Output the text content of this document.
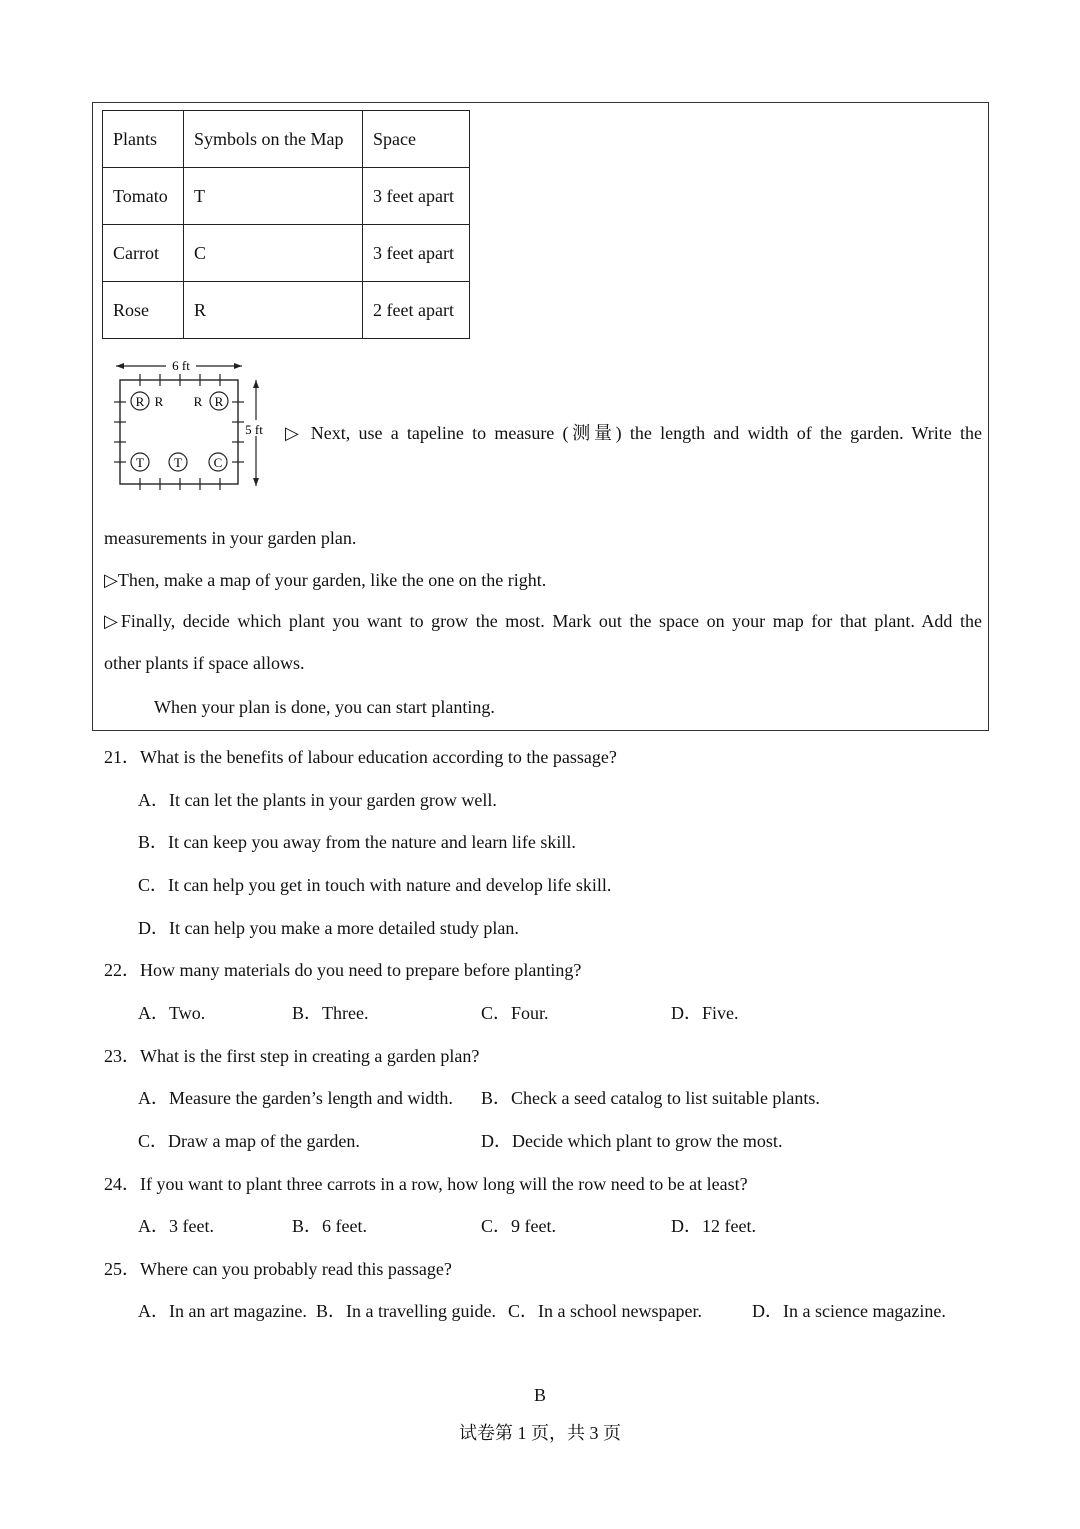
Plants	Symbols on the Map	Space
Tomato	T	3 feet apart
Carrot	C	3 feet apart
Rose	R	2 feet apart
6 ft
5 ft
R R R R
T T C
▷ Next, use a tapeline to measure (测量) the length and width of the garden. Write the
measurements in your garden plan.
▷Then, make a map of your garden, like the one on the right.
▷Finally, decide which plant you want to grow the most. Mark out the space on your map for that plant. Add the
other plants if space allows.
When your plan is done, you can start planting.
21．What is the benefits of labour education according to the passage?
A．It can let the plants in your garden grow well.
B．It can keep you away from the nature and learn life skill.
C．It can help you get in touch with nature and develop life skill.
D．It can help you make a more detailed study plan.
22．How many materials do you need to prepare before planting?
A．Two.	B．Three.	C．Four.	D．Five.
23．What is the first step in creating a garden plan?
A．Measure the garden’s length and width. B．Check a seed catalog to list suitable plants.
C．Draw a map of the garden.	D．Decide which plant to grow the most.
24．If you want to plant three carrots in a row, how long will the row need to be at least?
A．3 feet.	B．6 feet.	C．9 feet.	D．12 feet.
25．Where can you probably read this passage?
A．In an art magazine. B．In a travelling guide. C．In a school newspaper.	D．In a science magazine.
B
试卷第 1 页，共 3 页
